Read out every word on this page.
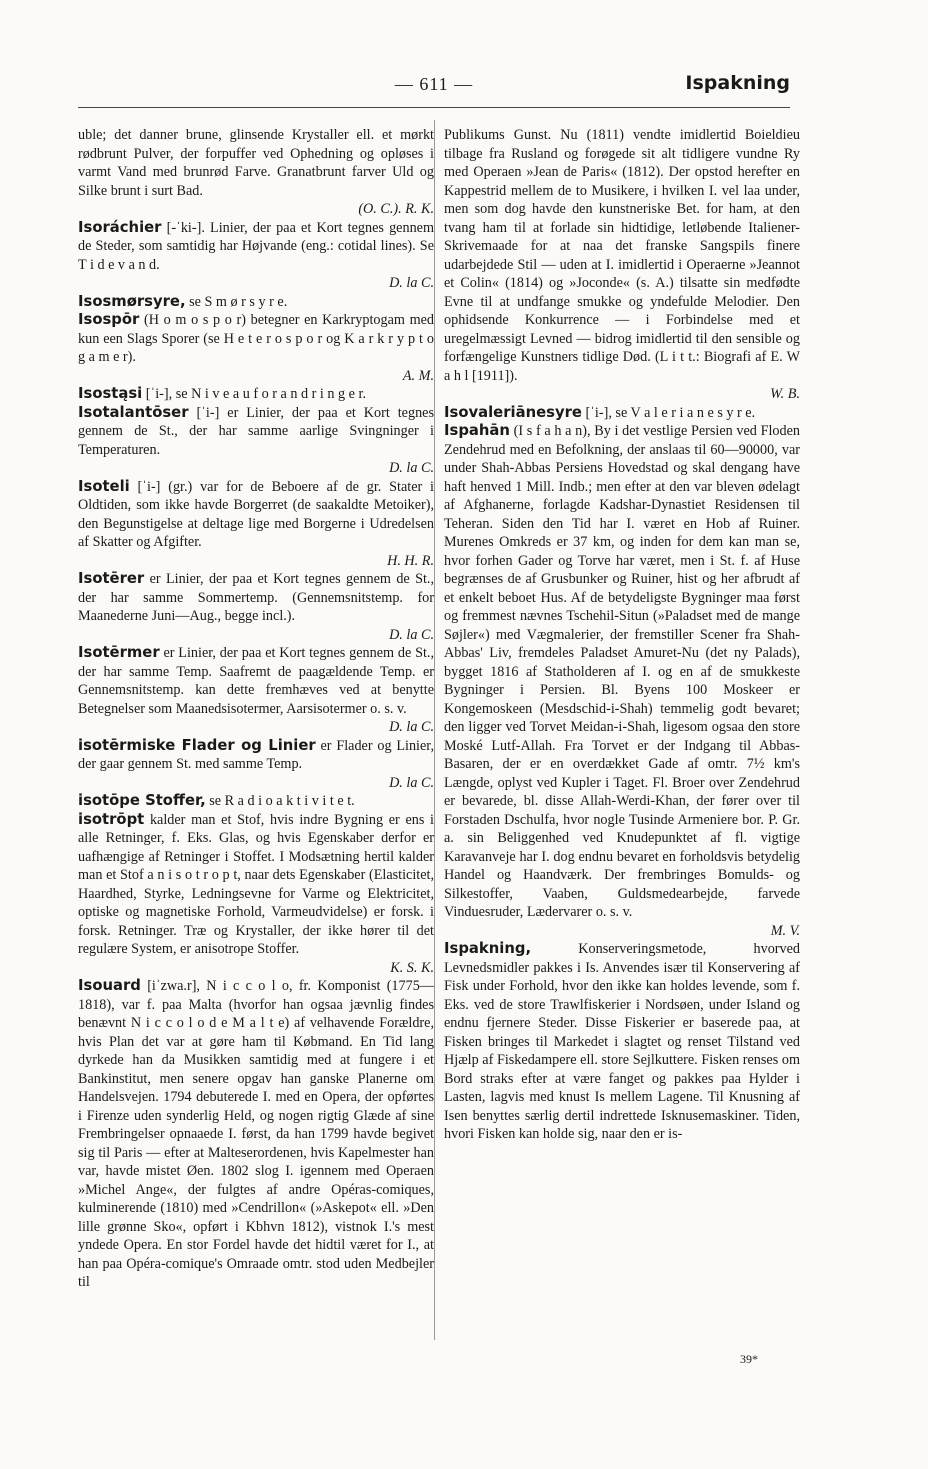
— 611 —	Ispakning

uble; det danner brune, glinsende Krystaller ell. et mørkt rødbrunt Pulver, der forpuffer ved Ophedning og opløses i varmt Vand med brunrød Farve. Granatbrunt farver Uld og Silke brunt i surt Bad.
(O. C.). R. K.

Isoráchier [-ˈki-]. Linier, der paa et Kort tegnes gennem de Steder, som samtidig har Højvande (eng.: cotidal lines). Se T i d e v a n d.
D. la C.

Isosmørsyre, se S m ø r s y r e.

Isospōr (H o m o s p o r) betegner en Karkryptogam med kun een Slags Sporer (se H e t e r o s p o r og K a r k r y p t o g a m e r).
A. M.

Isostąsi [ˈi-], se N i v e a u f o r a n d r i n g e r.

Isotalantōser [ˈi-] er Linier, der paa et Kort tegnes gennem de St., der har samme aarlige Svingninger i Temperaturen.
D. la C.

Isoteli [ˈi-] (gr.) var for de Beboere af de gr. Stater i Oldtiden, som ikke havde Borgerret (de saakaldte Metoiker), den Begunstigelse at deltage lige med Borgerne i Udredelsen af Skatter og Afgifter.
H. H. R.

Isotērer er Linier, der paa et Kort tegnes gennem de St., der har samme Sommertemp. (Gennemsnitstemp. for Maanederne Juni—Aug., begge incl.).
D. la C.

Isotērmer er Linier, der paa et Kort tegnes gennem de St., der har samme Temp. Saafremt de paagældende Temp. er Gennemsnitstemp. kan dette fremhæves ved at benytte Betegnelser som Maanedsisotermer, Aarsisotermer o. s. v.
D. la C.

isotērmiske Flader og Linier er Flader og Linier, der gaar gennem St. med samme Temp.
D. la C.

isotōpe Stoffer, se R a d i o a k t i v i t e t.

isotrōpt kalder man et Stof, hvis indre Bygning er ens i alle Retninger, f. Eks. Glas, og hvis Egenskaber derfor er uafhængige af Retninger i Stoffet. I Modsætning hertil kalder man et Stof a n i s o t r o p t, naar dets Egenskaber (Elasticitet, Haardhed, Styrke, Ledningsevne for Varme og Elektricitet, optiske og magnetiske Forhold, Varmeudvidelse) er forsk. i forsk. Retninger. Træ og Krystaller, der ikke hører til det regulære System, er anisotrope Stoffer.
K. S. K.

Isouard [iˈzwa.r], N i c c o l o, fr. Komponist (1775—1818), var f. paa Malta (hvorfor han ogsaa jævnlig findes benævnt N i c c o l o d e M a l t e) af velhavende Forældre, hvis Plan det var at gøre ham til Købmand. En Tid lang dyrkede han da Musikken samtidig med at fungere i et Bankinstitut, men senere opgav han ganske Planerne om Handelsvejen. 1794 debuterede I. med en Opera, der opførtes i Firenze uden synderlig Held, og nogen rigtig Glæde af sine Frembringelser opnaaede I. først, da han 1799 havde begivet sig til Paris — efter at Malteserordenen, hvis Kapelmester han var, havde mistet Øen. 1802 slog I. igennem med Operaen »Michel Ange«, der fulgtes af andre Opéras-comiques, kulminerende (1810) med »Cendrillon« (»Askepot« ell. »Den lille grønne Sko«, opført i Kbhvn 1812), vistnok I.'s mest yndede Opera. En stor Fordel havde det hidtil været for I., at han paa Opéra-comique's Omraade omtr. stod uden Medbejler til

Publikums Gunst. Nu (1811) vendte imidlertid Boieldieu tilbage fra Rusland og forøgede sit alt tidligere vundne Ry med Operaen »Jean de Paris« (1812). Der opstod herefter en Kappestrid mellem de to Musikere, i hvilken I. vel laa under, men som dog havde den kunstneriske Bet. for ham, at den tvang ham til at forlade sin hidtidige, letløbende Italiener-Skrivemaade for at naa det franske Sangspils finere udarbejdede Stil — uden at I. imidlertid i Operaerne »Jeannot et Colin« (1814) og »Joconde« (s. A.) tilsatte sin medfødte Evne til at undfange smukke og yndefulde Melodier. Den ophidsende Konkurrence — i Forbindelse med et uregelmæssigt Levned — bidrog imidlertid til den sensible og forfængelige Kunstners tidlige Død. (L i t t.: Biografi af E. W a h l [1911]).
W. B.

Isovaleriānesyre [ˈi-], se V a l e r i a n e s y r e.

Ispahān (I s f a h a n), By i det vestlige Persien ved Floden Zendehrud med en Befolkning, der anslaas til 60—90000, var under Shah-Abbas Persiens Hovedstad og skal dengang have haft henved 1 Mill. Indb.; men efter at den var bleven ødelagt af Afghanerne, forlagde Kadshar-Dynastiet Residensen til Teheran. Siden den Tid har I. været en Hob af Ruiner. Murenes Omkreds er 37 km, og inden for dem kan man se, hvor forhen Gader og Torve har været, men i St. f. af Huse begrænses de af Grusbunker og Ruiner, hist og her afbrudt af et enkelt beboet Hus. Af de betydeligste Bygninger maa først og fremmest nævnes Tschehil-Situn (»Paladset med de mange Søjler«) med Vægmalerier, der fremstiller Scener fra Shah-Abbas' Liv, fremdeles Paladset Amuret-Nu (det ny Palads), bygget 1816 af Statholderen af I. og en af de smukkeste Bygninger i Persien. Bl. Byens 100 Moskeer er Kongemoskeen (Mesdschid-i-Shah) temmelig godt bevaret; den ligger ved Torvet Meidan-i-Shah, ligesom ogsaa den store Moské Lutf-Allah. Fra Torvet er der Indgang til Abbas-Basaren, der er en overdækket Gade af omtr. 7½ km's Længde, oplyst ved Kupler i Taget. Fl. Broer over Zendehrud er bevarede, bl. disse Allah-Werdi-Khan, der fører over til Forstaden Dschulfa, hvor nogle Tusinde Armeniere bor. P. Gr. a. sin Beliggenhed ved Knudepunktet af fl. vigtige Karavanveje har I. dog endnu bevaret en forholdsvis betydelig Handel og Haandværk. Der frembringes Bomulds- og Silkestoffer, Vaaben, Guldsmedearbejde, farvede Vinduesruder, Lædervarer o. s. v.
M. V.

Ispakning, Konserveringsmetode, hvorved Levnedsmidler pakkes i Is. Anvendes især til Konservering af Fisk under Forhold, hvor den ikke kan holdes levende, som f. Eks. ved de store Trawlfiskerier i Nordsøen, under Island og endnu fjernere Steder. Disse Fiskerier er baserede paa, at Fisken bringes til Markedet i slagtet og renset Tilstand ved Hjælp af Fiskedampere ell. store Sejlkuttere. Fisken renses om Bord straks efter at være fanget og pakkes paa Hylder i Lasten, lagvis med knust Is mellem Lagene. Til Knusning af Isen benyttes særlig dertil indrettede Isknusemaskiner. Tiden, hvori Fisken kan holde sig, naar den er is-

39*
